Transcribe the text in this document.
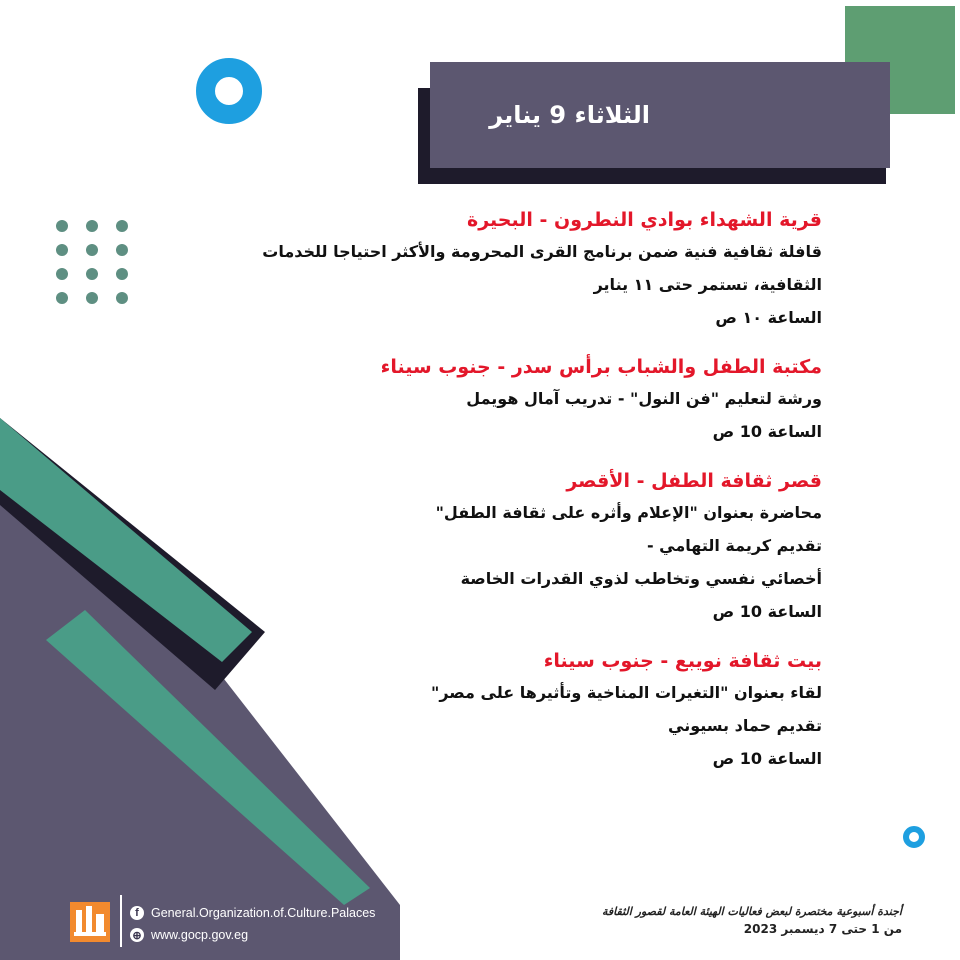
الثلاثاء 9 يناير
قرية الشهداء بوادي النطرون - البحيرة
قافلة ثقافية فنية ضمن برنامج القرى المحرومة والأكثر احتياجا للخدمات
الثقافية، تستمر حتى ١١ يناير
الساعة ١٠ ص
مكتبة الطفل والشباب برأس سدر - جنوب سيناء
ورشة لتعليم "فن النول" - تدريب آمال هويمل
الساعة 10 ص
قصر ثقافة الطفل - الأقصر
محاضرة بعنوان "الإعلام وأثره على ثقافة الطفل"
تقديم كريمة التهامي -
أخصائي نفسي وتخاطب لذوي القدرات الخاصة
الساعة 10 ص
بيت ثقافة نويبع - جنوب سيناء
لقاء بعنوان "التغيرات المناخية وتأثيرها على مصر"
تقديم حماد بسيوني
الساعة 10 ص
f General.Organization.of.Culture.Palaces
⊕ www.gocp.gov.eg
أجندة أسبوعية مختصرة لبعض فعاليات الهيئة العامة لقصور الثقافة
من 1 حتى 7 ديسمبر 2023
